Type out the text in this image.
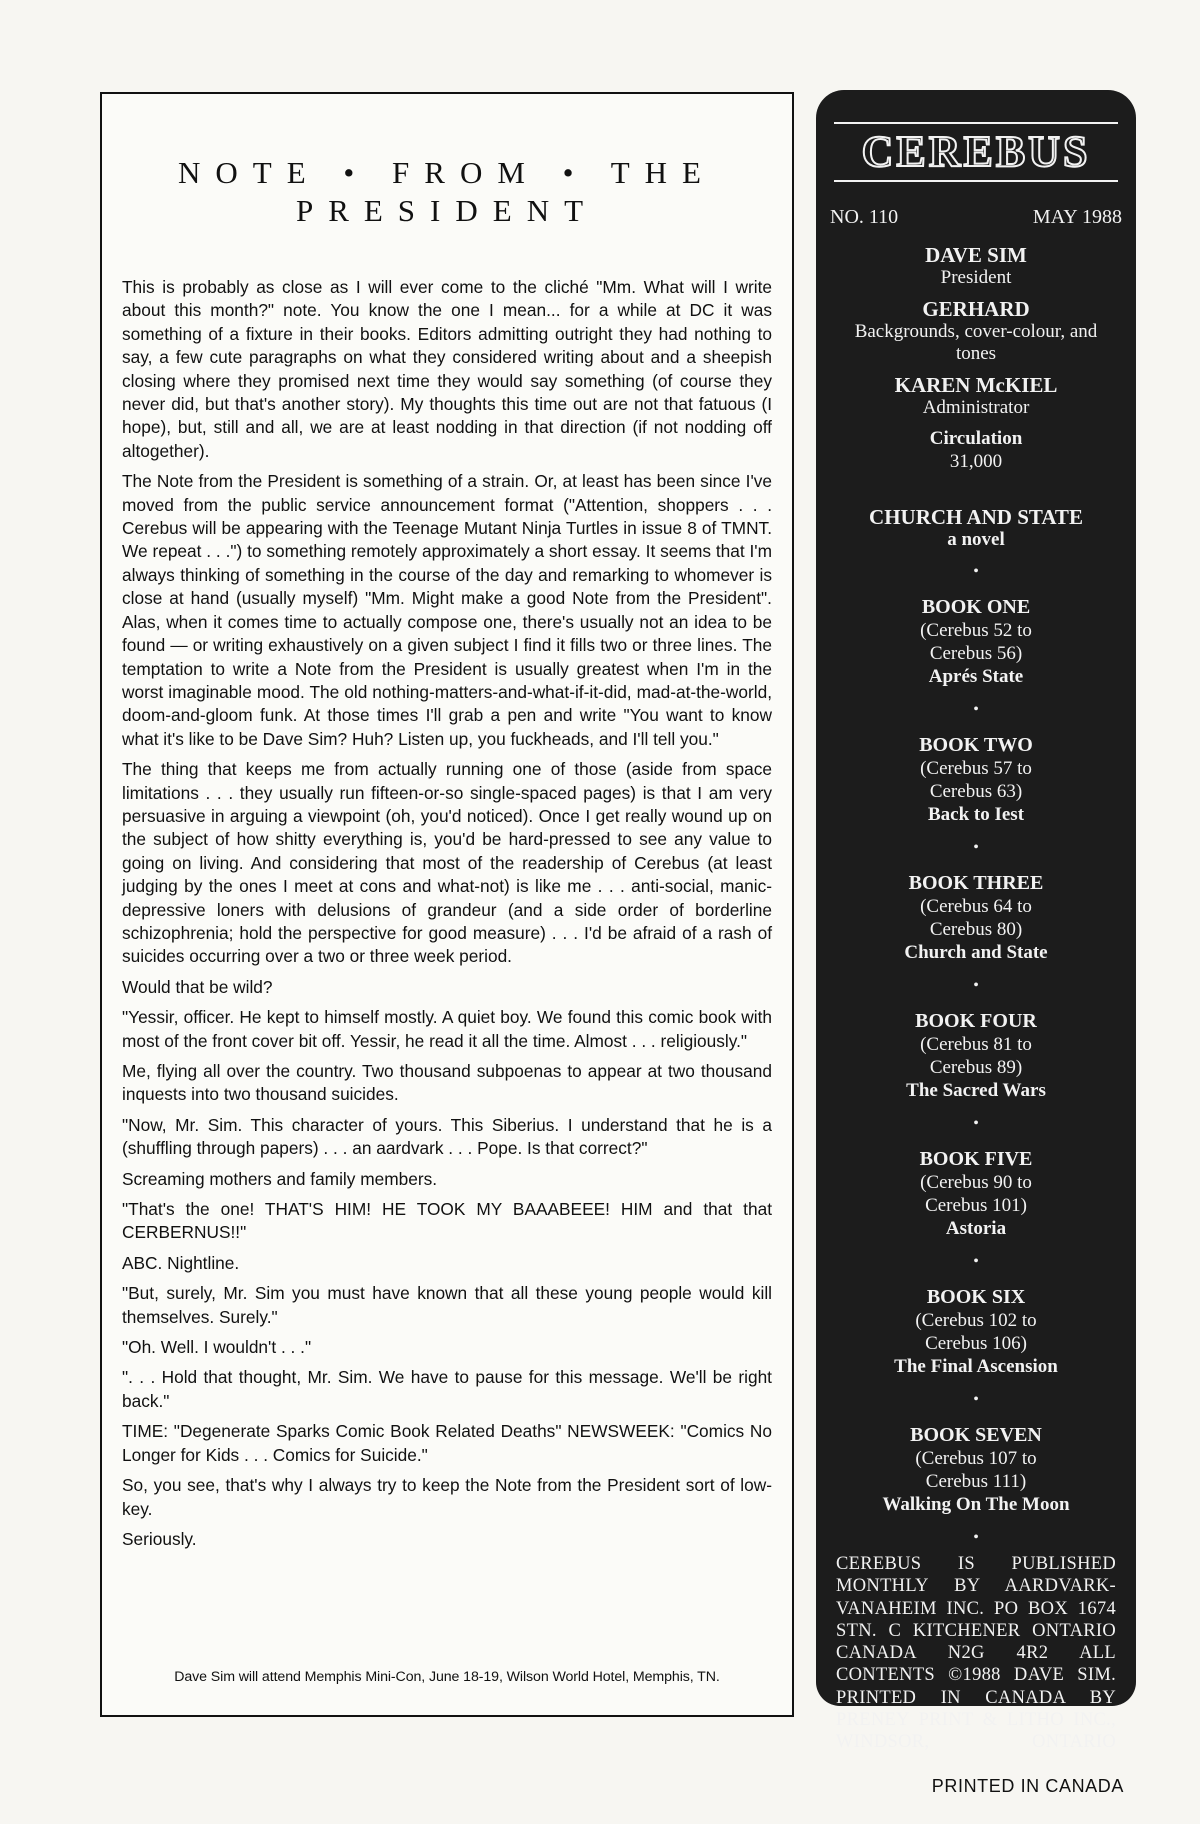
NOTE • FROM • THE
PRESIDENT

This is probably as close as I will ever come to the cliché "Mm. What will I write about this month?" note. You know the one I mean... for a while at DC it was something of a fixture in their books. Editors admitting outright they had nothing to say, a few cute paragraphs on what they considered writing about and a sheepish closing where they promised next time they would say something (of course they never did, but that's another story). My thoughts this time out are not that fatuous (I hope), but, still and all, we are at least nodding in that direction (if not nodding off altogether).

The Note from the President is something of a strain. Or, at least has been since I've moved from the public service announcement format ("Attention, shoppers . . . Cerebus will be appearing with the Teenage Mutant Ninja Turtles in issue 8 of TMNT. We repeat . . .") to something remotely approximately a short essay. It seems that I'm always thinking of something in the course of the day and remarking to whomever is close at hand (usually myself) "Mm. Might make a good Note from the President". Alas, when it comes time to actually compose one, there's usually not an idea to be found — or writing exhaustively on a given subject I find it fills two or three lines. The temptation to write a Note from the President is usually greatest when I'm in the worst imaginable mood. The old nothing-matters-and-what-if-it-did, mad-at-the-world, doom-and-gloom funk. At those times I'll grab a pen and write "You want to know what it's like to be Dave Sim? Huh? Listen up, you fuckheads, and I'll tell you."

The thing that keeps me from actually running one of those (aside from space limitations . . . they usually run fifteen-or-so single-spaced pages) is that I am very persuasive in arguing a viewpoint (oh, you'd noticed). Once I get really wound up on the subject of how shitty everything is, you'd be hard-pressed to see any value to going on living. And considering that most of the readership of Cerebus (at least judging by the ones I meet at cons and what-not) is like me . . . anti-social, manic-depressive loners with delusions of grandeur (and a side order of borderline schizophrenia; hold the perspective for good measure) . . . I'd be afraid of a rash of suicides occurring over a two or three week period.

Would that be wild?

"Yessir, officer. He kept to himself mostly. A quiet boy. We found this comic book with most of the front cover bit off. Yessir, he read it all the time. Almost . . . religiously."

Me, flying all over the country. Two thousand subpoenas to appear at two thousand inquests into two thousand suicides.

"Now, Mr. Sim. This character of yours. This Siberius. I understand that he is a (shuffling through papers) . . . an aardvark . . . Pope. Is that correct?"

Screaming mothers and family members.

"That's the one! THAT'S HIM! HE TOOK MY BAAABEEE! HIM and that that CERBERNUS!!"

ABC. Nightline.

"But, surely, Mr. Sim you must have known that all these young people would kill themselves. Surely."

"Oh. Well. I wouldn't . . ."

". . . Hold that thought, Mr. Sim. We have to pause for this message. We'll be right back."

TIME: "Degenerate Sparks Comic Book Related Deaths" NEWSWEEK: "Comics No Longer for Kids . . . Comics for Suicide."

So, you see, that's why I always try to keep the Note from the President sort of low-key.

Seriously.

Dave Sim will attend Memphis Mini-Con, June 18-19, Wilson World Hotel, Memphis, TN.
CEREBUS
NO. 110	MAY 1988
DAVE SIM
President
GERHARD
Backgrounds, cover-colour, and tones
KAREN McKIEL
Administrator
Circulation
31,000
CHURCH AND STATE
a novel
•
BOOK ONE
(Cerebus 52 to Cerebus 56)
Aprés State
•
BOOK TWO
(Cerebus 57 to Cerebus 63)
Back to Iest
•
BOOK THREE
(Cerebus 64 to Cerebus 80)
Church and State
•
BOOK FOUR
(Cerebus 81 to Cerebus 89)
The Sacred Wars
•
BOOK FIVE
(Cerebus 90 to Cerebus 101)
Astoria
•
BOOK SIX
(Cerebus 102 to Cerebus 106)
The Final Ascension
•
BOOK SEVEN
(Cerebus 107 to Cerebus 111)
Walking On The Moon
•
CEREBUS IS PUBLISHED MONTHLY BY AARDVARK-VANAHEIM INC. PO BOX 1674 STN. C KITCHENER ONTARIO CANADA N2G 4R2 ALL CONTENTS ©1988 DAVE SIM. PRINTED IN CANADA BY PRENEY PRINT & LITHO INC., WINDSOR, ONTARIO
PRINTED IN CANADA
